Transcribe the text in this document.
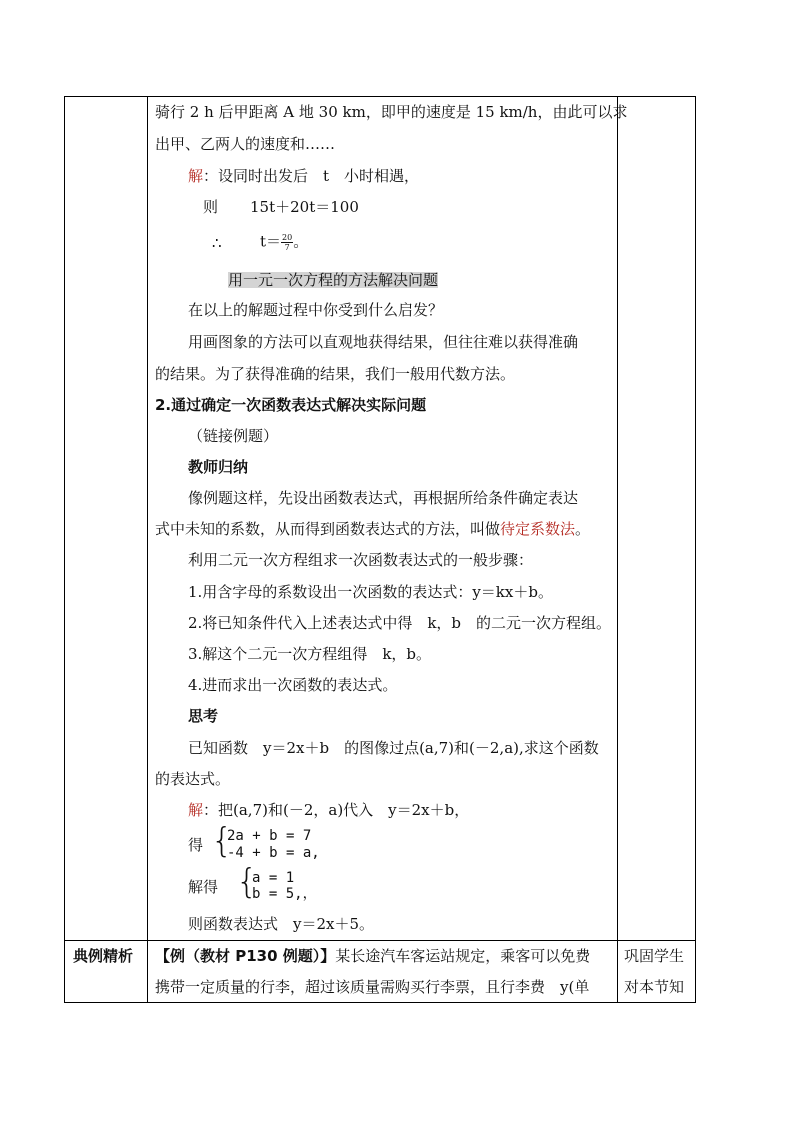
骑行 2 h 后甲距离 A 地 30 km，即甲的速度是 15 km/h，由此可以求
出甲、乙两人的速度和……
解：设同时出发后　t　小时相遇，
则 15t＋20t＝100
∴	$t= \frac{20}{7}$ 。
用一元一次方程的方法解决问题
在以上的解题过程中你受到什么启发？
用画图象的方法可以直观地获得结果，但往往难以获得准确
的结果。为了获得准确的结果，我们一般用代数方法。
2.通过确定一次函数表达式解决实际问题
（链接例题）
教师归纳
像例题这样，先设出函数表达式，再根据所给条件确定表达
式中未知的系数，从而得到函数表达式的方法，叫做待定系数法。
利用二元一次方程组求一次函数表达式的一般步骤：
1.用含字母的系数设出一次函数的表达式：y＝kx＋b。
2.将已知条件代入上述表达式中得　k，b　的二元一次方程组。
3.解这个二元一次方程组得　k，b。
4.进而求出一次函数的表达式。
思考
已知函数　y＝2x＋b　的图像过点(a,7)和(－2,a),求这个函数
的表达式。
解：把(a,7)和(－2，a)代入　y＝2x＋b，
得 {
2a + b = 7
-4 + b = a,
解得 {
a = 1
b = 5,，
则函数表达式　y＝2x＋5。
典例精析 【例（教材 P130 例题）】某长途汽车客运站规定，乘客可以免费
携带一定质量的行李，超过该质量需购买行李票，且行李费　y(单
巩固学生
对本节知
